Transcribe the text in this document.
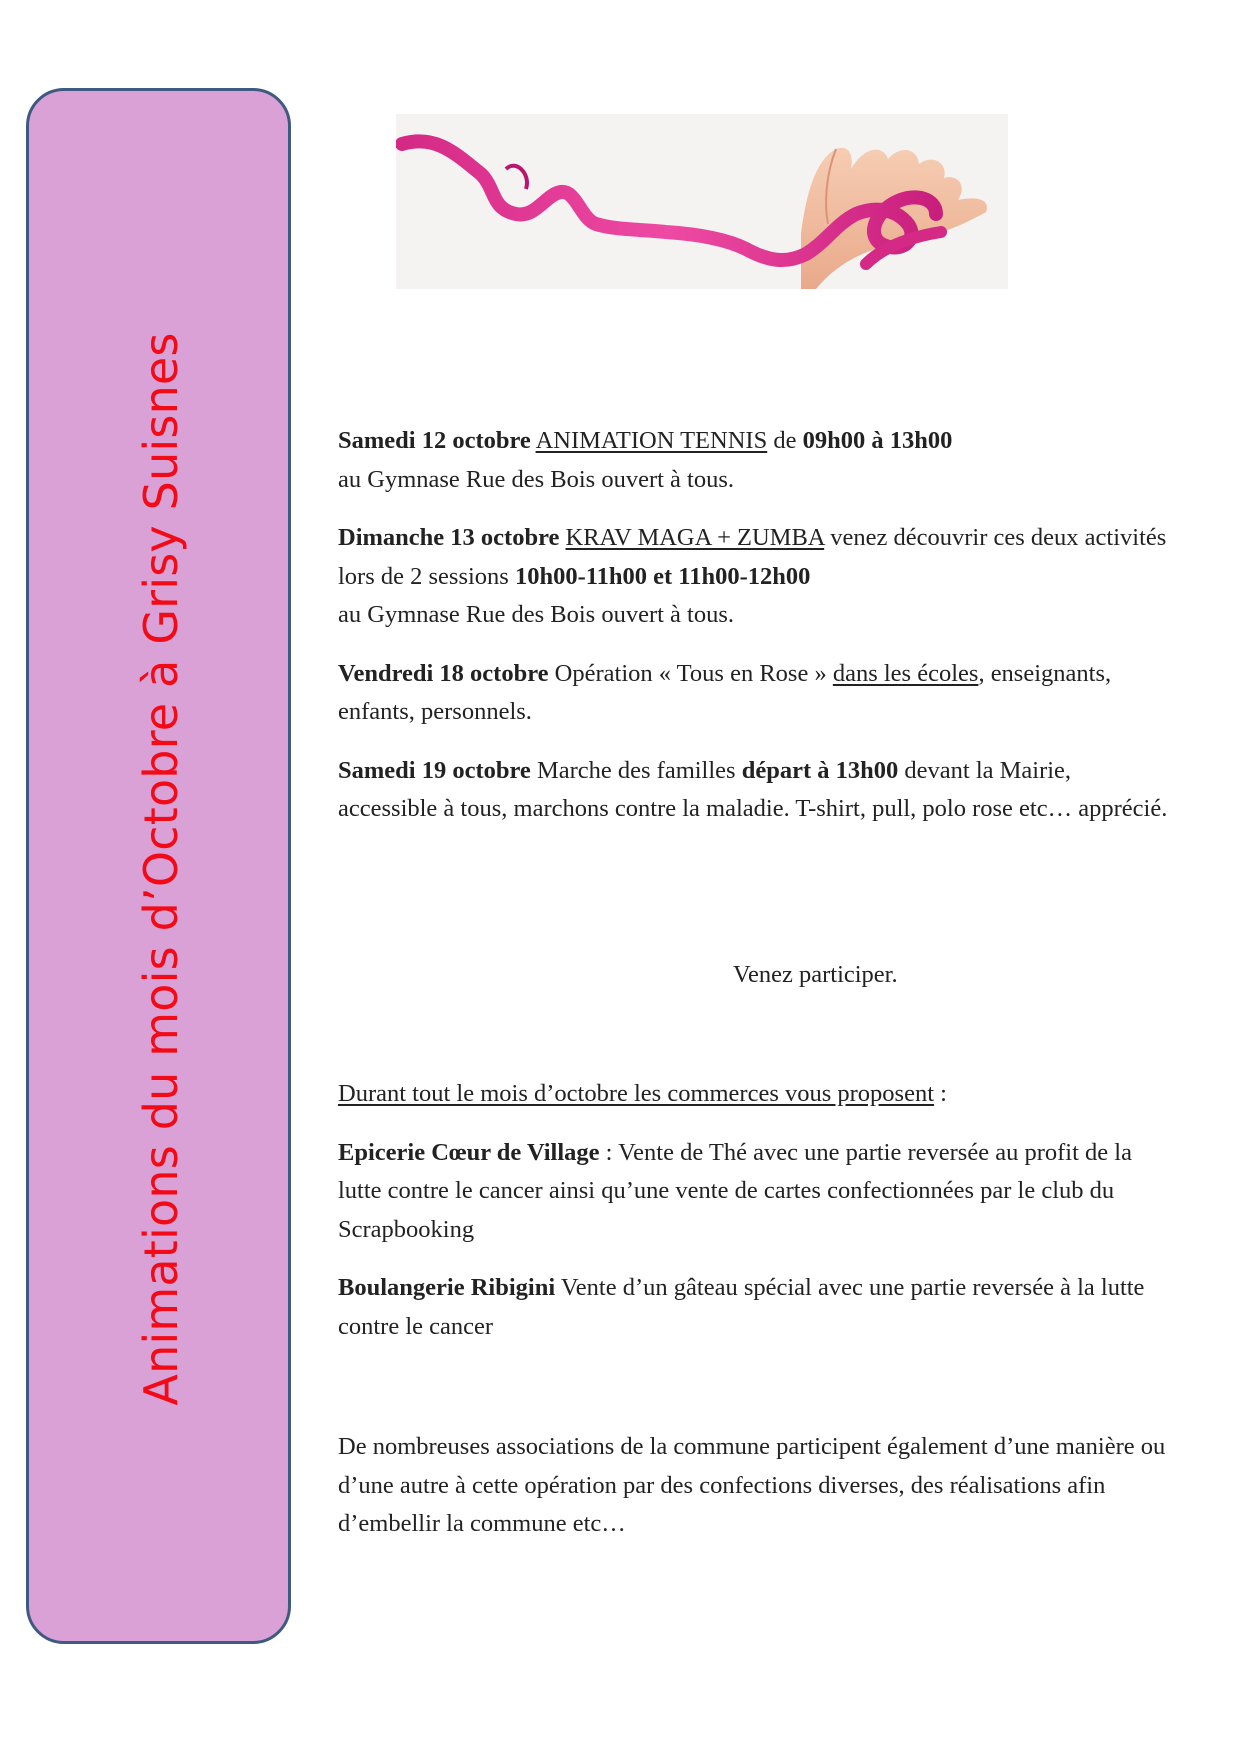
Animations du mois d’Octobre à Grisy Suisnes	Samedi 12 octobre ANIMATION TENNIS de 09h00 à 13h00
au Gymnase Rue des Bois ouvert à tous.

Dimanche 13 octobre KRAV MAGA + ZUMBA venez découvrir ces deux activités lors de 2 sessions 10h00-11h00 et 11h00-12h00
au Gymnase Rue des Bois ouvert à tous.

Vendredi 18 octobre Opération « Tous en Rose » dans les écoles, enseignants, enfants, personnels.

Samedi 19 octobre Marche des familles départ à 13h00 devant la Mairie, accessible à tous, marchons contre la maladie. T-shirt, pull, polo rose etc… apprécié.

Venez participer.

Durant tout le mois d’octobre les commerces vous proposent :

Epicerie Cœur de Village : Vente de Thé avec une partie reversée au profit de la lutte contre le cancer ainsi qu’une vente de cartes confectionnées par le club du Scrapbooking

Boulangerie Ribigini Vente d’un gâteau spécial avec une partie reversée à la lutte contre le cancer

De nombreuses associations de la commune participent également d’une manière ou d’une autre à cette opération par des confections diverses, des réalisations afin d’embellir la commune etc…
